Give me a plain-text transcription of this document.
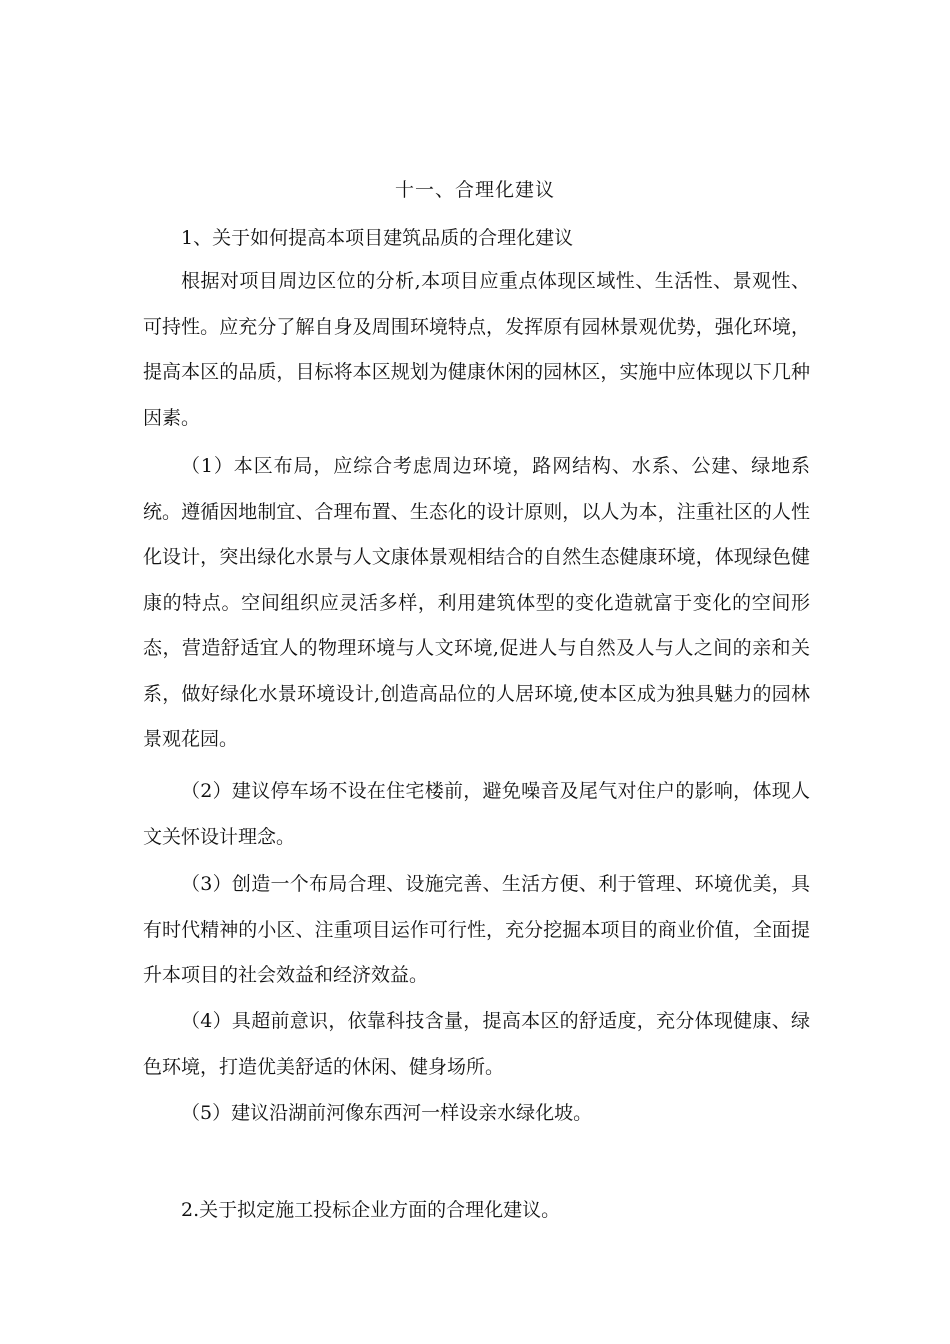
十一、合理化建议
1、关于如何提高本项目建筑品质的合理化建议

根据对项目周边区位的分析,本项目应重点体现区域性、生活性、景观性、可持性。应充分了解自身及周围环境特点，发挥原有园林景观优势，强化环境，提高本区的品质，目标将本区规划为健康休闲的园林区，实施中应体现以下几种因素。

（1）本区布局，应综合考虑周边环境，路网结构、水系、公建、绿地系统。遵循因地制宜、合理布置、生态化的设计原则，以人为本，注重社区的人性化设计，突出绿化水景与人文康体景观相结合的自然生态健康环境，体现绿色健康的特点。空间组织应灵活多样，利用建筑体型的变化造就富于变化的空间形态，营造舒适宜人的物理环境与人文环境,促进人与自然及人与人之间的亲和关系，做好绿化水景环境设计,创造高品位的人居环境,使本区成为独具魅力的园林景观花园。

（2）建议停车场不设在住宅楼前，避免噪音及尾气对住户的影响，体现人文关怀设计理念。

（3）创造一个布局合理、设施完善、生活方便、利于管理、环境优美，具有时代精神的小区、注重项目运作可行性，充分挖掘本项目的商业价值，全面提升本项目的社会效益和经济效益。

（4）具超前意识，依靠科技含量，提高本区的舒适度，充分体现健康、绿色环境，打造优美舒适的休闲、健身场所。

（5）建议沿湖前河像东西河一样设亲水绿化坡。

2.关于拟定施工投标企业方面的合理化建议。
